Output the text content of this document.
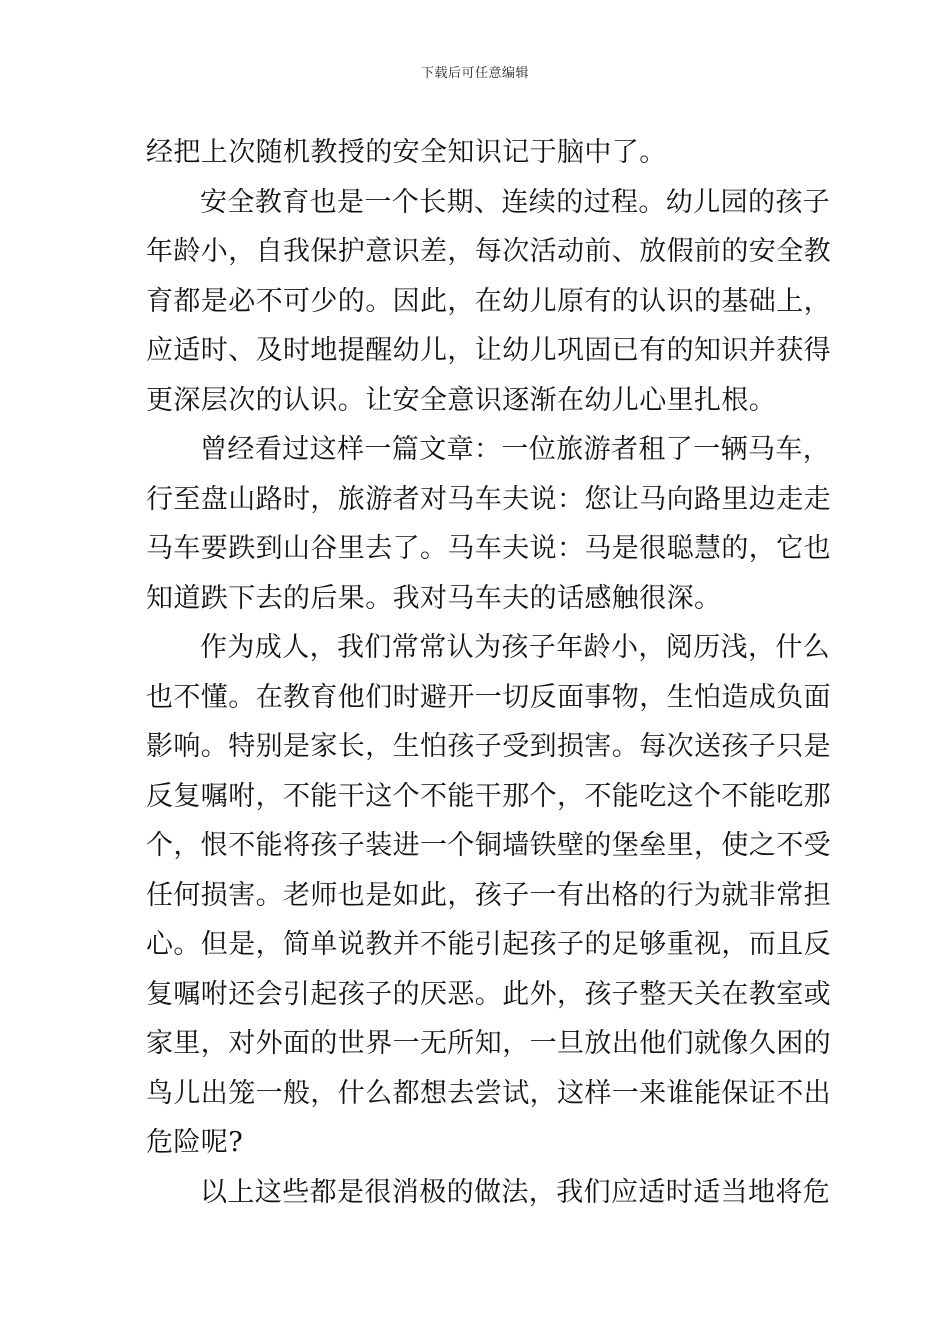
下载后可任意编辑
经把上次随机教授的安全知识记于脑中了。
安全教育也是一个长期、连续的过程。幼儿园的孩子
年龄小，自我保护意识差，每次活动前、放假前的安全教
育都是必不可少的。因此，在幼儿原有的认识的基础上，
应适时、及时地提醒幼儿，让幼儿巩固已有的知识并获得
更深层次的认识。让安全意识逐渐在幼儿心里扎根。
曾经看过这样一篇文章：一位旅游者租了一辆马车，
行至盘山路时，旅游者对马车夫说：您让马向路里边走走
马车要跌到山谷里去了。马车夫说：马是很聪慧的，它也
知道跌下去的后果。我对马车夫的话感触很深。
作为成人，我们常常认为孩子年龄小，阅历浅，什么
也不懂。在教育他们时避开一切反面事物，生怕造成负面
影响。特别是家长，生怕孩子受到损害。每次送孩子只是
反复嘱咐，不能干这个不能干那个，不能吃这个不能吃那
个，恨不能将孩子装进一个铜墙铁壁的堡垒里，使之不受
任何损害。老师也是如此，孩子一有出格的行为就非常担
心。但是，简单说教并不能引起孩子的足够重视，而且反
复嘱咐还会引起孩子的厌恶。此外，孩子整天关在教室或
家里，对外面的世界一无所知，一旦放出他们就像久困的
鸟儿出笼一般，什么都想去尝试，这样一来谁能保证不出
危险呢?
以上这些都是很消极的做法，我们应适时适当地将危
